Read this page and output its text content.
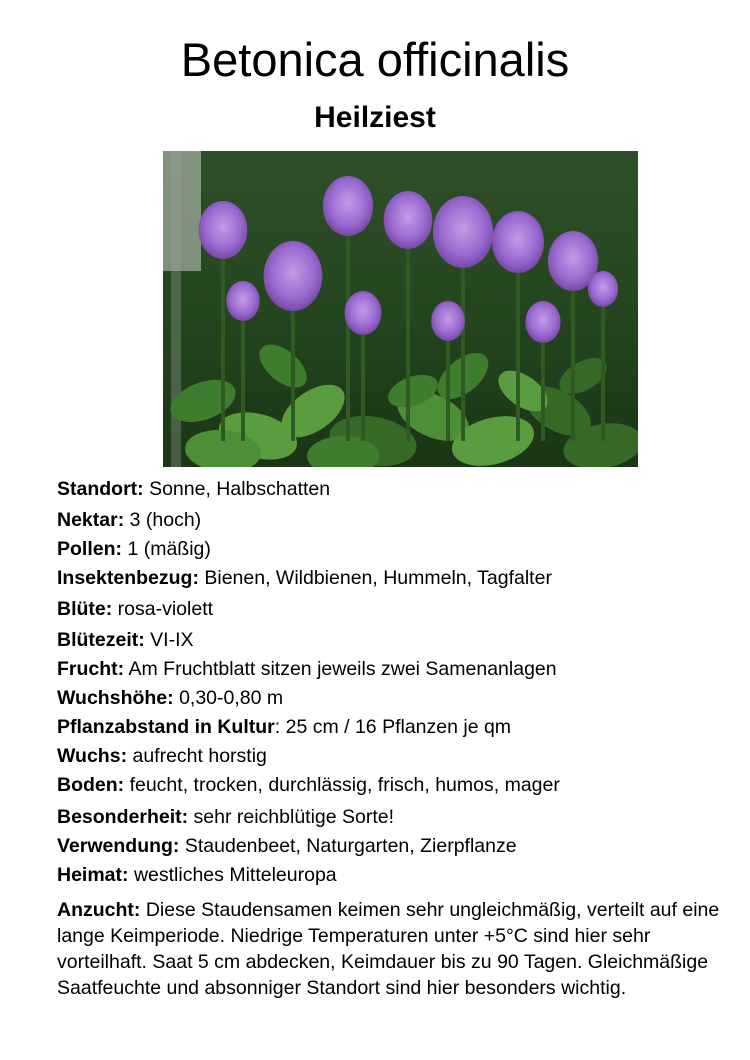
Betonica officinalis
Heilziest
Standort: Sonne, Halbschatten
Nektar: 3 (hoch)
Pollen: 1 (mäßig)
Insektenbezug: Bienen, Wildbienen, Hummeln, Tagfalter
Blüte: rosa-violett
Blütezeit: VI-IX
Frucht: Am Fruchtblatt sitzen jeweils zwei Samenanlagen
Wuchshöhe: 0,30-0,80 m
Pflanzabstand in Kultur: 25 cm / 16 Pflanzen je qm
Wuchs: aufrecht horstig
Boden: feucht, trocken, durchlässig, frisch, humos, mager
Besonderheit: sehr reichblütige Sorte!
Verwendung: Staudenbeet, Naturgarten, Zierpflanze
Heimat: westliches Mitteleuropa

Anzucht: Diese Staudensamen keimen sehr ungleichmäßig, verteilt auf eine lange Keimperiode. Niedrige Temperaturen unter +5°C sind hier sehr vorteilhaft. Saat 5 cm abdecken, Keimdauer bis zu 90 Tagen. Gleichmäßige Saatfeuchte und absonniger Standort sind hier besonders wichtig.
